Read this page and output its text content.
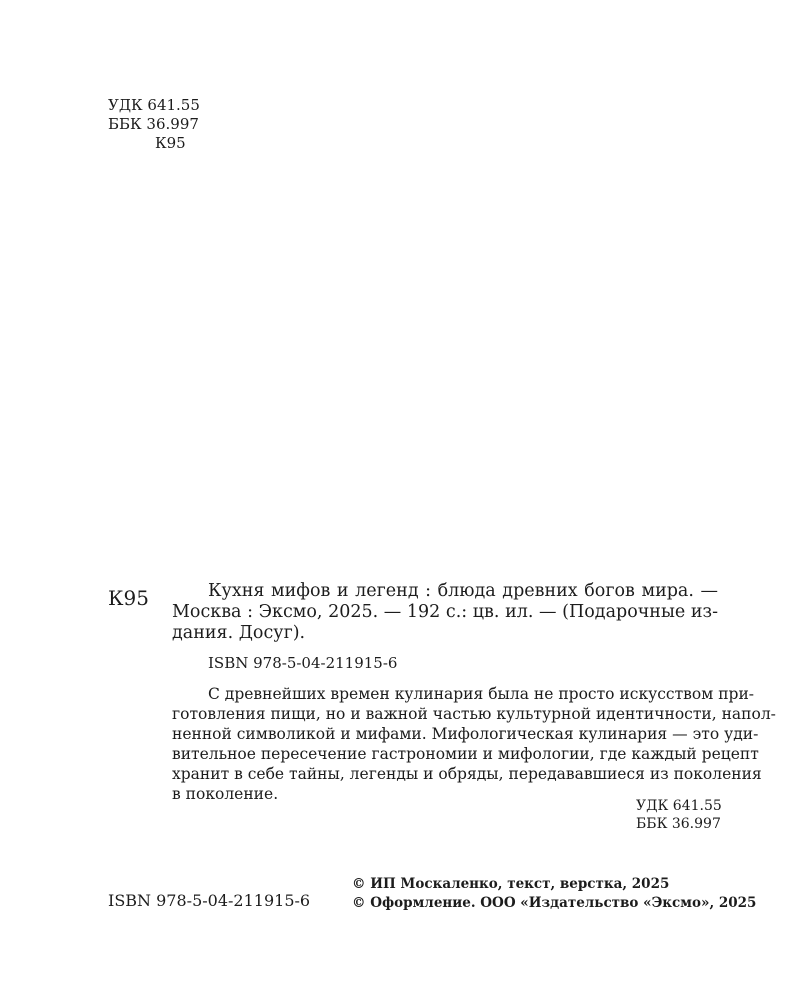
УДК 641.55
ББК 36.997
К95
К95	Кухня мифов и легенд : блюда древних богов мира. —
Москва : Эксмо, 2025. — 192 с.: цв. ил. — (Подарочные из-
дания. Досуг).
ISBN 978-5-04-211915-6
С древнейших времен кулинария была не просто искусством при-
готовления пищи, но и важной частью культурной идентичности, напол-
ненной символикой и мифами. Мифологическая кулинария — это уди-
вительное пересечение гастрономии и мифологии, где каждый рецепт
хранит в себе тайны, легенды и обряды, передававшиеся из поколения
в поколение.
УДК 641.55
ББК 36.997
ISBN 978-5-04-211915-6
© ИП Москаленко, текст, верстка, 2025
© Оформление. ООО «Издательство «Эксмо», 2025
